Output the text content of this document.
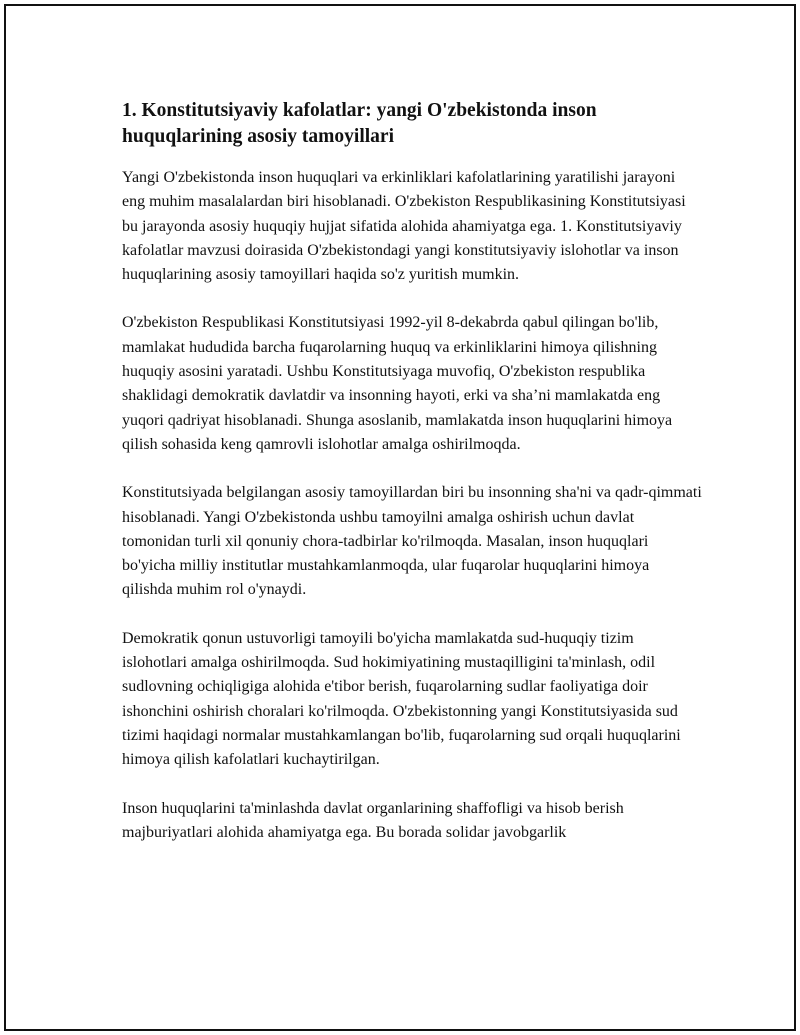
1. Konstitutsiyaviy kafolatlar: yangi O'zbekistonda inson huquqlarining asosiy tamoyillari

Yangi O'zbekistonda inson huquqlari va erkinliklari kafolatlarining yaratilishi jarayoni eng muhim masalalardan biri hisoblanadi. O'zbekiston Respublikasining Konstitutsiyasi bu jarayonda asosiy huquqiy hujjat sifatida alohida ahamiyatga ega. 1. Konstitutsiyaviy kafolatlar mavzusi doirasida O'zbekistondagi yangi konstitutsiyaviy islohotlar va inson huquqlarining asosiy tamoyillari haqida so'z yuritish mumkin.

O'zbekiston Respublikasi Konstitutsiyasi 1992-yil 8-dekabrda qabul qilingan bo'lib, mamlakat hududida barcha fuqarolarning huquq va erkinliklarini himoya qilishning huquqiy asosini yaratadi. Ushbu Konstitutsiyaga muvofiq, O'zbekiston respublika shaklidagi demokratik davlatdir va insonning hayoti, erki va sha’ni mamlakatda eng yuqori qadriyat hisoblanadi. Shunga asoslanib, mamlakatda inson huquqlarini himoya qilish sohasida keng qamrovli islohotlar amalga oshirilmoqda.

Konstitutsiyada belgilangan asosiy tamoyillardan biri bu insonning sha'ni va qadr-qimmati hisoblanadi. Yangi O'zbekistonda ushbu tamoyilni amalga oshirish uchun davlat tomonidan turli xil qonuniy chora-tadbirlar ko'rilmoqda. Masalan, inson huquqlari bo'yicha milliy institutlar mustahkamlanmoqda, ular fuqarolar huquqlarini himoya qilishda muhim rol o'ynaydi.

Demokratik qonun ustuvorligi tamoyili bo'yicha mamlakatda sud-huquqiy tizim islohotlari amalga oshirilmoqda. Sud hokimiyatining mustaqilligini ta'minlash, odil sudlovning ochiqligiga alohida e'tibor berish, fuqarolarning sudlar faoliyatiga doir ishonchini oshirish choralari ko'rilmoqda. O'zbekistonning yangi Konstitutsiyasida sud tizimi haqidagi normalar mustahkamlangan bo'lib, fuqarolarning sud orqali huquqlarini himoya qilish kafolatlari kuchaytirilgan.

Inson huquqlarini ta'minlashda davlat organlarining shaffofligi va hisob berish majburiyatlari alohida ahamiyatga ega. Bu borada solidar javobgarlik
